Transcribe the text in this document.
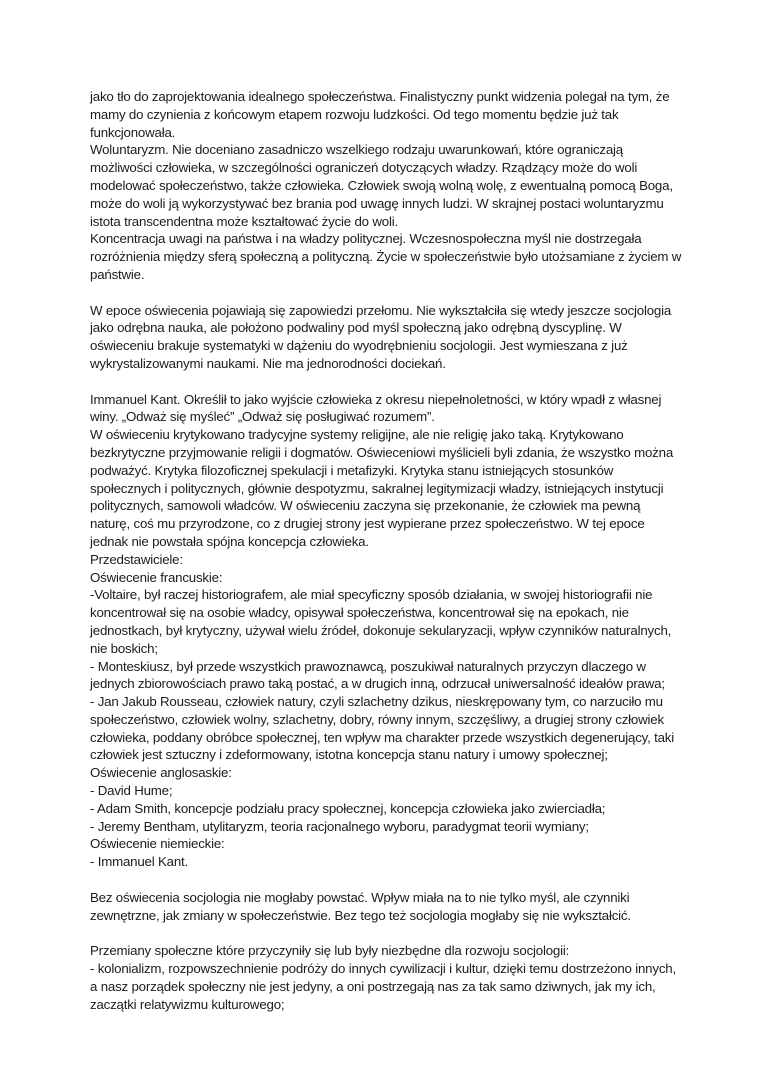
jako tło do zaprojektowania idealnego społeczeństwa. Finalistyczny punkt widzenia polegał na tym, że mamy do czynienia z końcowym etapem rozwoju ludzkości. Od tego momentu będzie już tak funkcjonowała.

Woluntaryzm. Nie doceniano zasadniczo wszelkiego rodzaju uwarunkowań, które ograniczają możliwości człowieka, w szczególności ograniczeń dotyczących władzy. Rządzący może do woli modelować społeczeństwo, także człowieka. Człowiek swoją wolną wolę, z ewentualną pomocą Boga, może do woli ją wykorzystywać bez brania pod uwagę innych ludzi. W skrajnej postaci woluntaryzmu istota transcendentna może kształtować życie do woli.

Koncentracja uwagi na państwa i na władzy politycznej. Wczesnospołeczna myśl nie dostrzegała rozróżnienia między sferą społeczną a polityczną. Życie w społeczeństwie było utożsamiane z życiem w państwie.

W epoce oświecenia pojawiają się zapowiedzi przełomu. Nie wykształciła się wtedy jeszcze socjologia jako odrębna nauka, ale położono podwaliny pod myśl społeczną jako odrębną dyscyplinę. W oświeceniu brakuje systematyki w dążeniu do wyodrębnieniu socjologii. Jest wymieszana z już wykrystalizowanymi naukami. Nie ma jednorodności dociekań.

Immanuel Kant. Określił to jako wyjście człowieka z okresu niepełnoletności, w który wpadł z własnej winy. „Odważ się myśleć” „Odważ się posługiwać rozumem”.

W oświeceniu krytykowano tradycyjne systemy religijne, ale nie religię jako taką. Krytykowano bezkrytyczne przyjmowanie religii i dogmatów. Oświeceniowi myślicieli byli zdania, że wszystko można podważyć. Krytyka filozoficznej spekulacji i metafizyki. Krytyka stanu istniejących stosunków społecznych i politycznych, głównie despotyzmu, sakralnej legitymizacji władzy, istniejących instytucji politycznych, samowoli władców. W oświeceniu zaczyna się przekonanie, że człowiek ma pewną naturę, coś mu przyrodzone, co z drugiej strony jest wypierane przez społeczeństwo. W tej epoce jednak nie powstała spójna koncepcja człowieka.

Przedstawiciele:

Oświecenie francuskie:

-Voltaire, był raczej historiografem, ale miał specyficzny sposób działania, w swojej historiografii nie koncentrował się na osobie władcy, opisywał społeczeństwa, koncentrował się na epokach, nie jednostkach, był krytyczny, używał wielu źródeł, dokonuje sekularyzacji, wpływ czynników naturalnych, nie boskich;

- Monteskiusz, był przede wszystkich prawoznawcą, poszukiwał naturalnych przyczyn dlaczego w jednych zbiorowościach prawo taką postać, a w drugich inną, odrzucał uniwersalność ideałów prawa;

- Jan Jakub Rousseau, człowiek natury, czyli szlachetny dzikus, nieskrępowany tym, co narzuciło mu społeczeństwo, człowiek wolny, szlachetny, dobry, równy innym, szczęśliwy, a drugiej strony człowiek człowieka, poddany obróbce społecznej, ten wpływ ma charakter przede wszystkich degenerujący, taki człowiek jest sztuczny i zdeformowany, istotna koncepcja stanu natury i umowy społecznej;

Oświecenie anglosaskie:

- David Hume;

- Adam Smith, koncepcje podziału pracy społecznej, koncepcja człowieka jako zwierciadła;

- Jeremy Bentham, utylitaryzm, teoria racjonalnego wyboru, paradygmat teorii wymiany;

Oświecenie niemieckie:

- Immanuel Kant.

Bez oświecenia socjologia nie mogłaby powstać. Wpływ miała na to nie tylko myśl, ale czynniki zewnętrzne, jak zmiany w społeczeństwie. Bez tego też socjologia mogłaby się nie wykształcić.

Przemiany społeczne które przyczyniły się lub były niezbędne dla rozwoju socjologii:

- kolonializm, rozpowszechnienie podróży do innych cywilizacji i kultur, dzięki temu dostrzeżono innych, a nasz porządek społeczny nie jest jedyny, a oni postrzegają nas za tak samo dziwnych, jak my ich, zaczątki relatywizmu kulturowego;
